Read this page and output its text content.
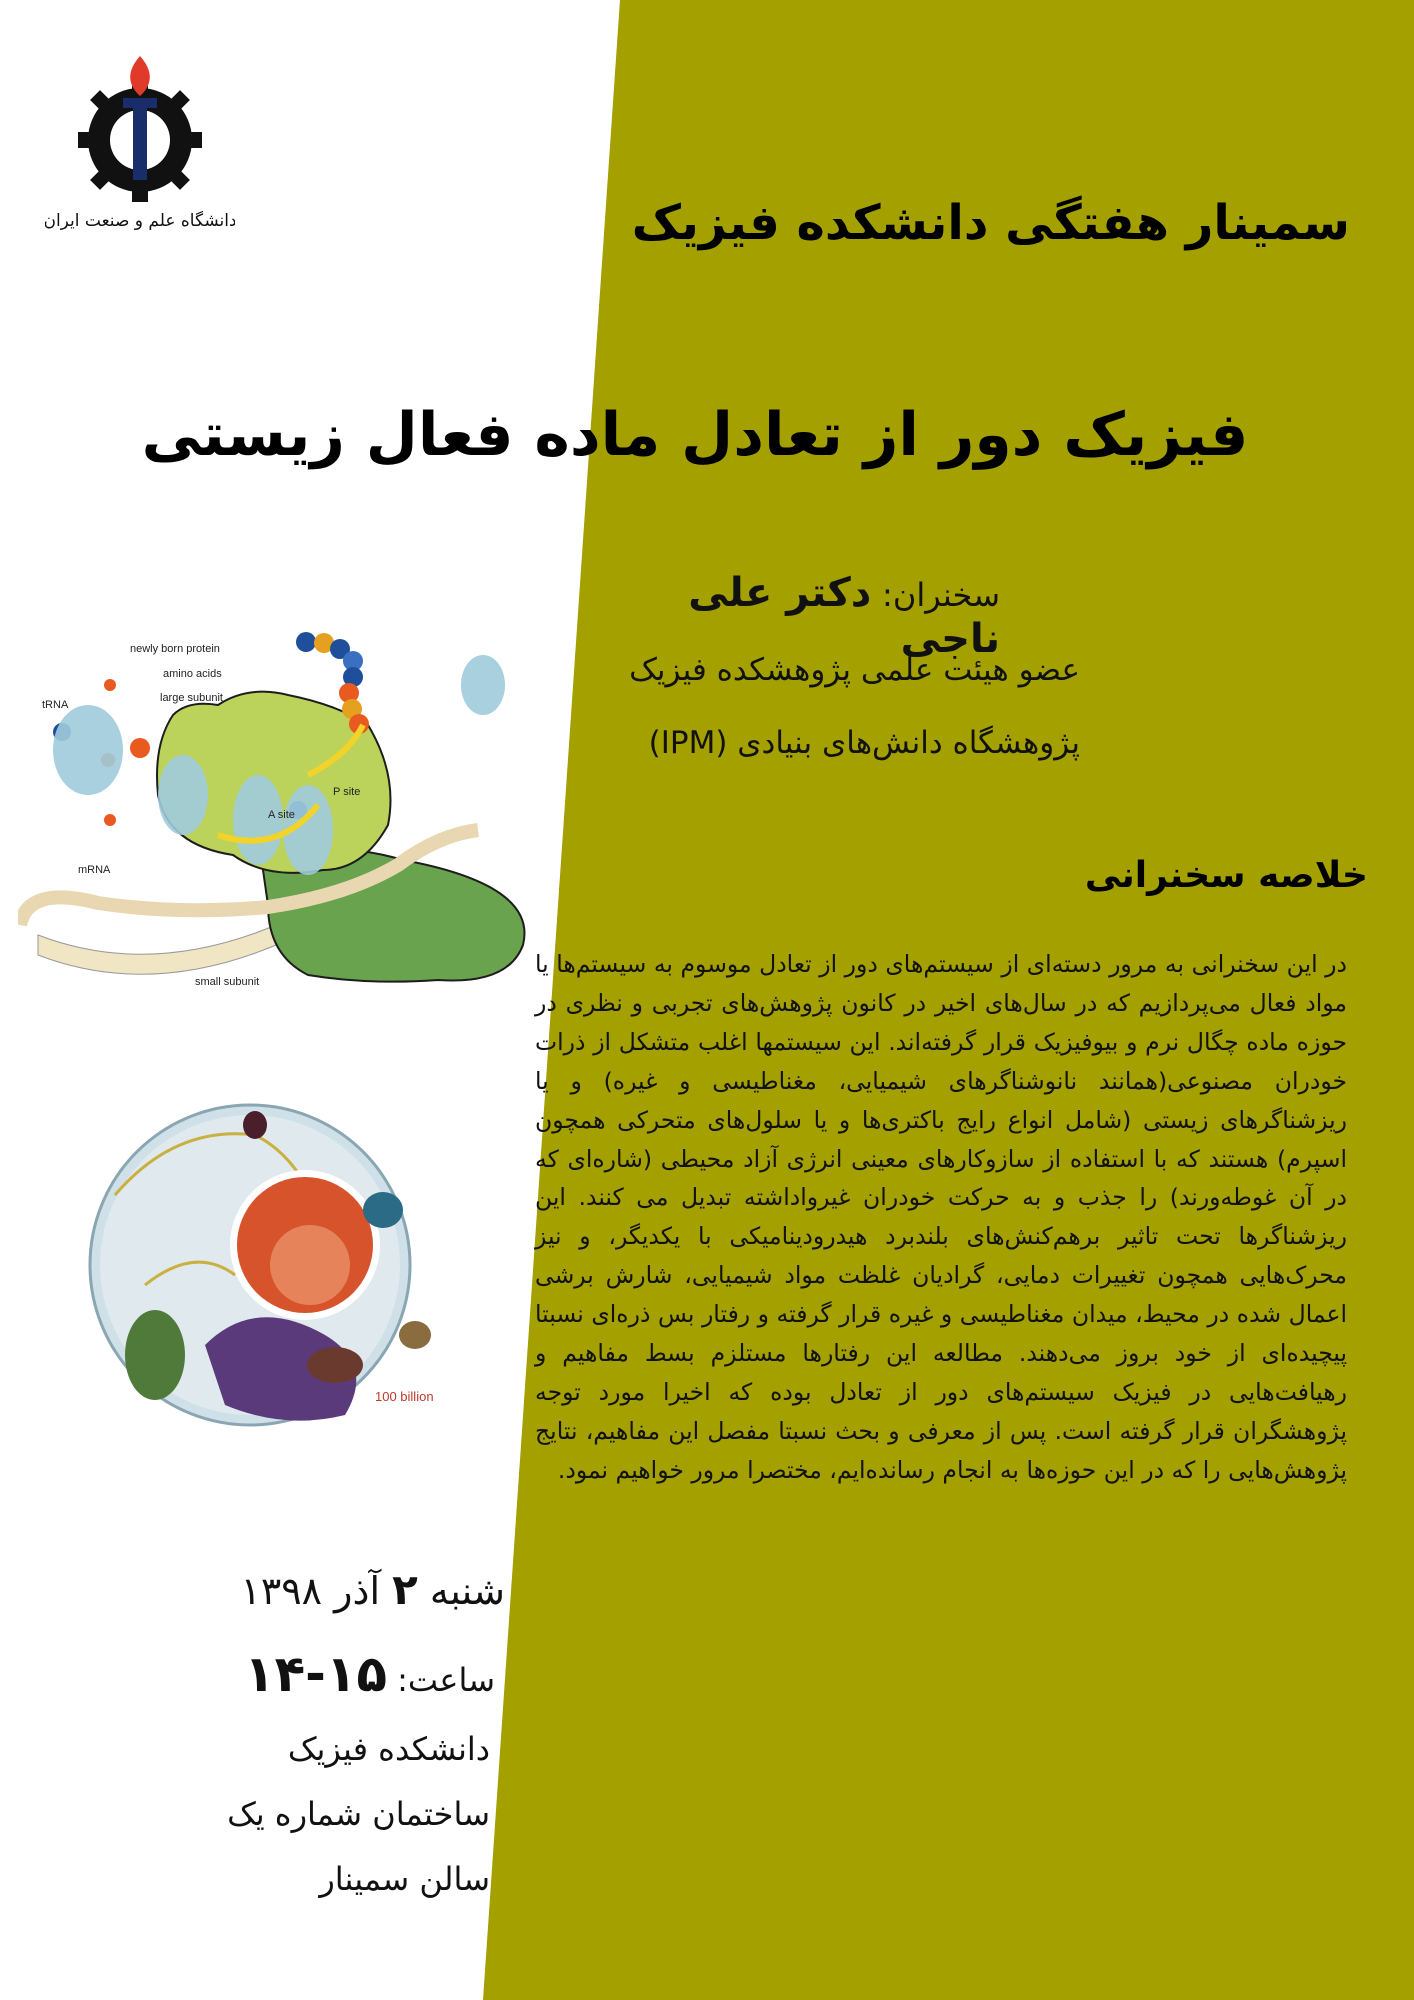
دانشگاه علم و صنعت ایران	سمینار هفتگی دانشکده فیزیک
فیزیک دور از تعادل ماده فعال زیستی
سخنران: دکتر علی ناجی
عضو هیئت علمی پژوهشکده فیزیک
پژوهشگاه دانش‌های بنیادی (IPM)
newly born protein
amino acids
large subunit
tRNA
P site
A site
mRNA
small subunit
100 billion
خلاصه سخنرانی
در این سخنرانی به مرور دسته‌ای از سیستم‌های دور از تعادل موسوم به سیستم‌ها یا مواد فعال می‌پردازیم که در سال‌های اخیر در کانون پژوهش‌های تجربی و نظری در حوزه ماده چگال نرم و بیوفیزیک قرار گرفته‌اند. این سیستمها اغلب متشکل از ذرات خودران مصنوعی(همانند نانوشناگرهای شیمیایی، مغناطیسی و غیره) و یا ریزشناگرهای زیستی (شامل انواع رایج باکتری‌ها و یا سلول‌های متحرکی همچون اسپرم) هستند که با استفاده از سازوکارهای معینی انرژی آزاد محیطی (شاره‌ای که در آن غوطه‌ورند) را جذب و به حرکت خودران غیرواداشته تبدیل می کنند. این ریزشناگرها تحت تاثیر برهم‌کنش‌های بلندبرد هیدرودینامیکی با یکدیگر، و نیز محرک‌هایی همچون تغییرات دمایی، گرادیان غلظت مواد شیمیایی، شارش برشی اعمال شده در محیط، میدان مغناطیسی و غیره قرار گرفته و رفتار بس ذره‌ای نسبتا پیچیده‌ای از خود بروز می‌دهند. مطالعه این رفتارها مستلزم بسط مفاهیم و رهیافت‌هایی در فیزیک سیستم‌های دور از تعادل بوده که اخیرا مورد توجه پژوهشگران قرار گرفته است. پس از معرفی و بحث نسبتا مفصل این مفاهیم، نتایج پژوهش‌هایی را که در این حوزه‌ها به انجام رسانده‌ایم، مختصرا مرور خواهیم نمود.
شنبه ۲ آذر ۱۳۹۸
ساعت: ۱۵-۱۴
دانشکده فیزیک
ساختمان شماره یک
سالن سمینار
